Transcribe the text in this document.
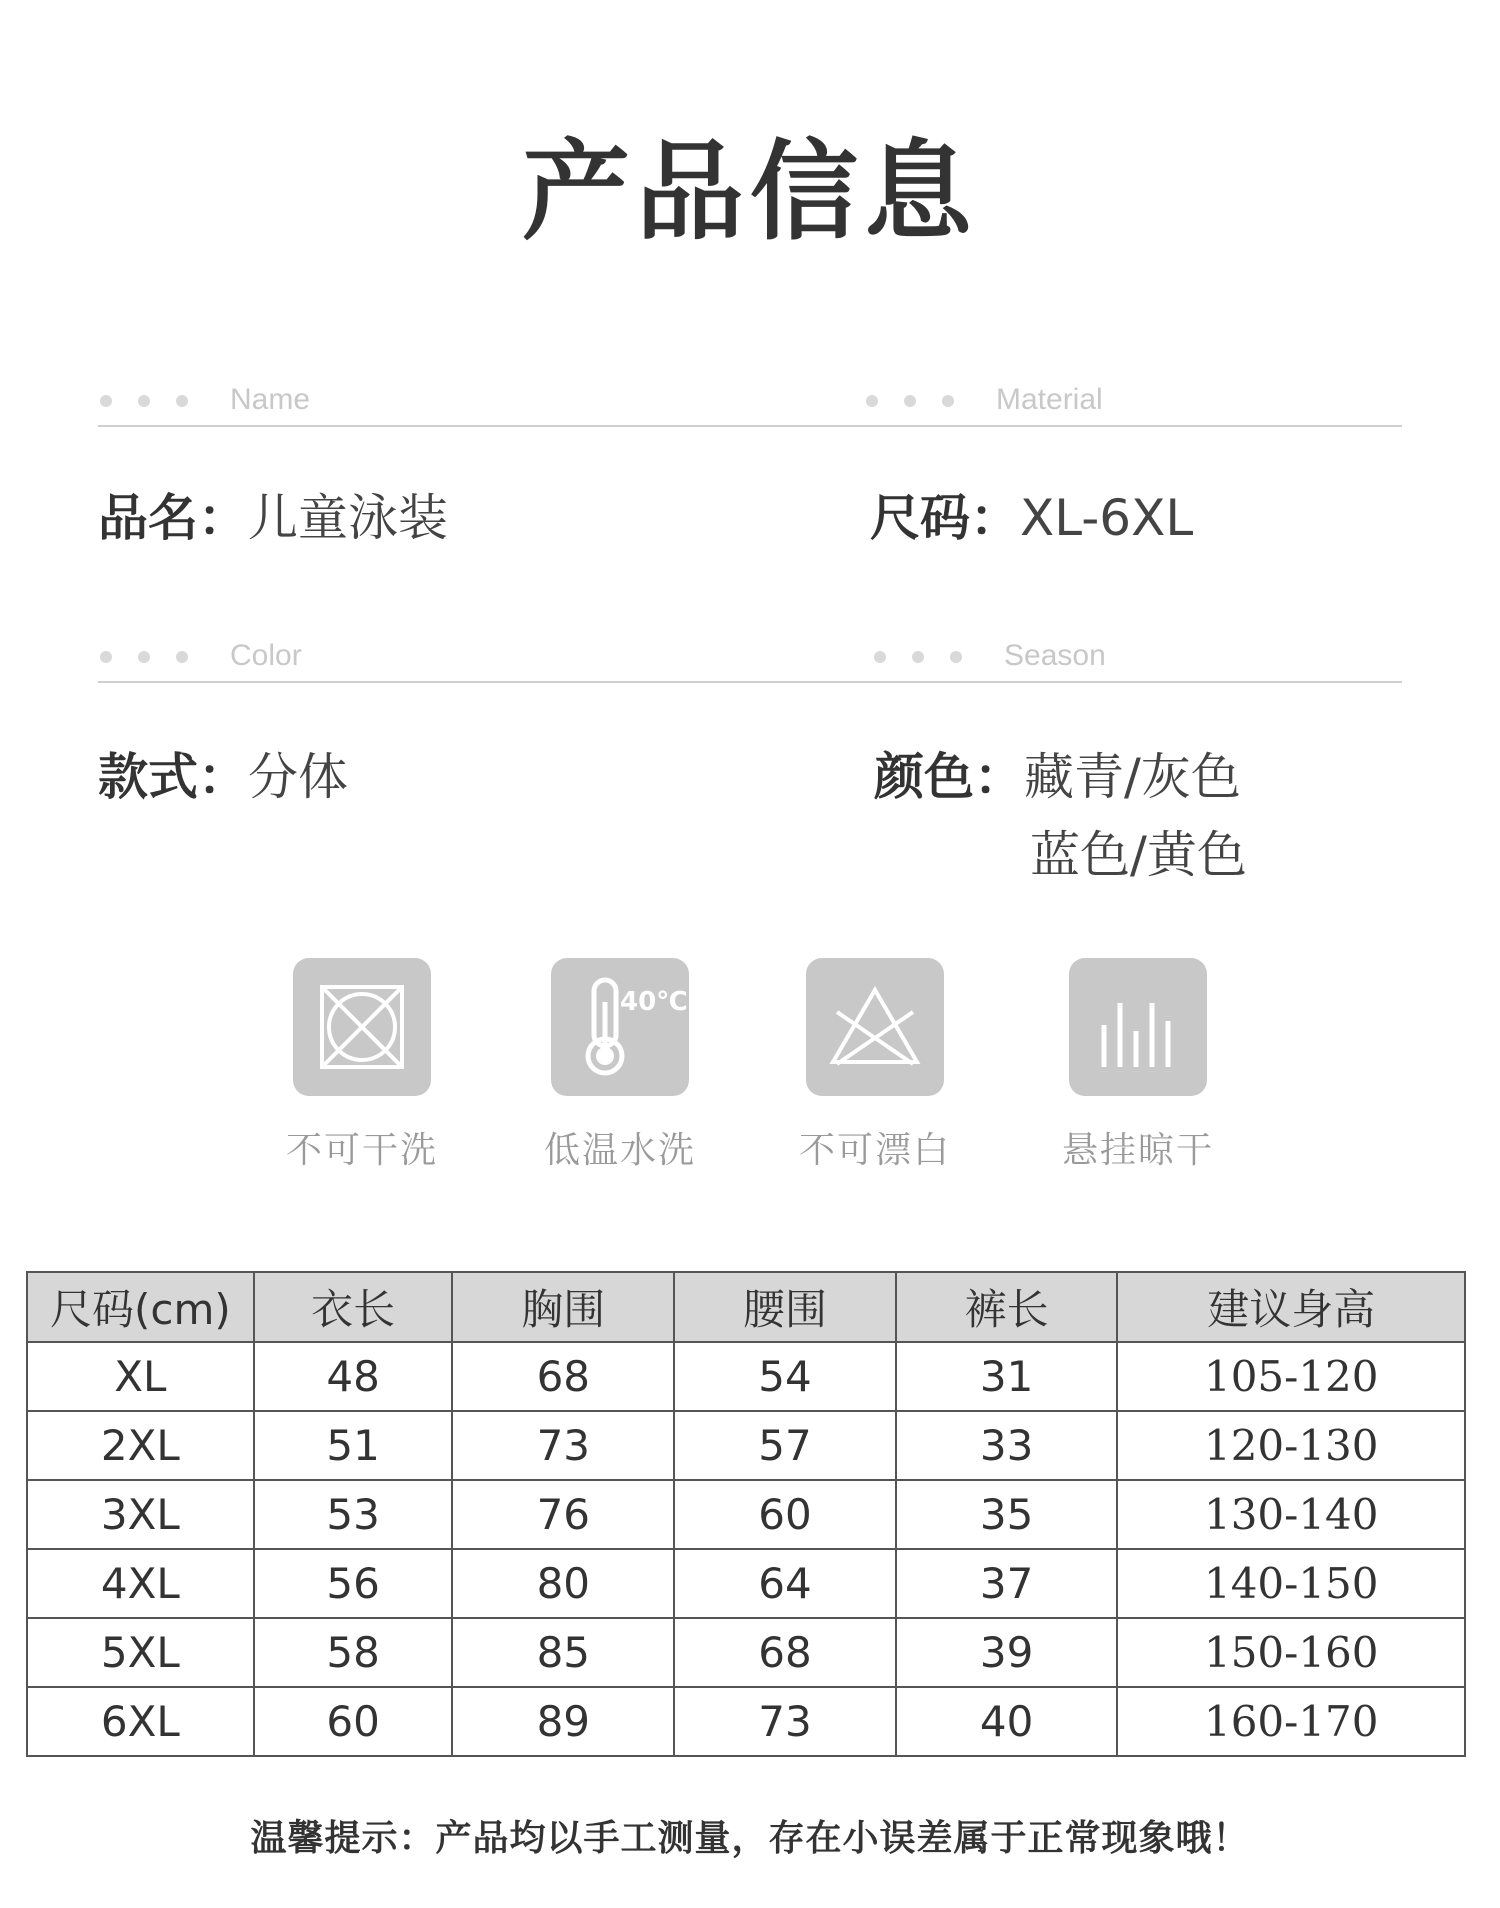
产品信息
Name	Material
品名：儿童泳装	尺码：XL-6XL
Color	Season
款式：分体	颜色：藏青/灰色
蓝色/黄色
不可干洗
40℃
低温水洗	不可漂白	悬挂晾干
尺码(cm)	衣长	胸围	腰围	裤长	建议身高
XL	48	68	54	31	105-120
2XL	51	73	57	33	120-130
3XL	53	76	60	35	130-140
4XL	56	80	64	37	140-150
5XL	58	85	68	39	150-160
6XL	60	89	73	40	160-170
温馨提示：产品均以手工测量，存在小误差属于正常现象哦！
